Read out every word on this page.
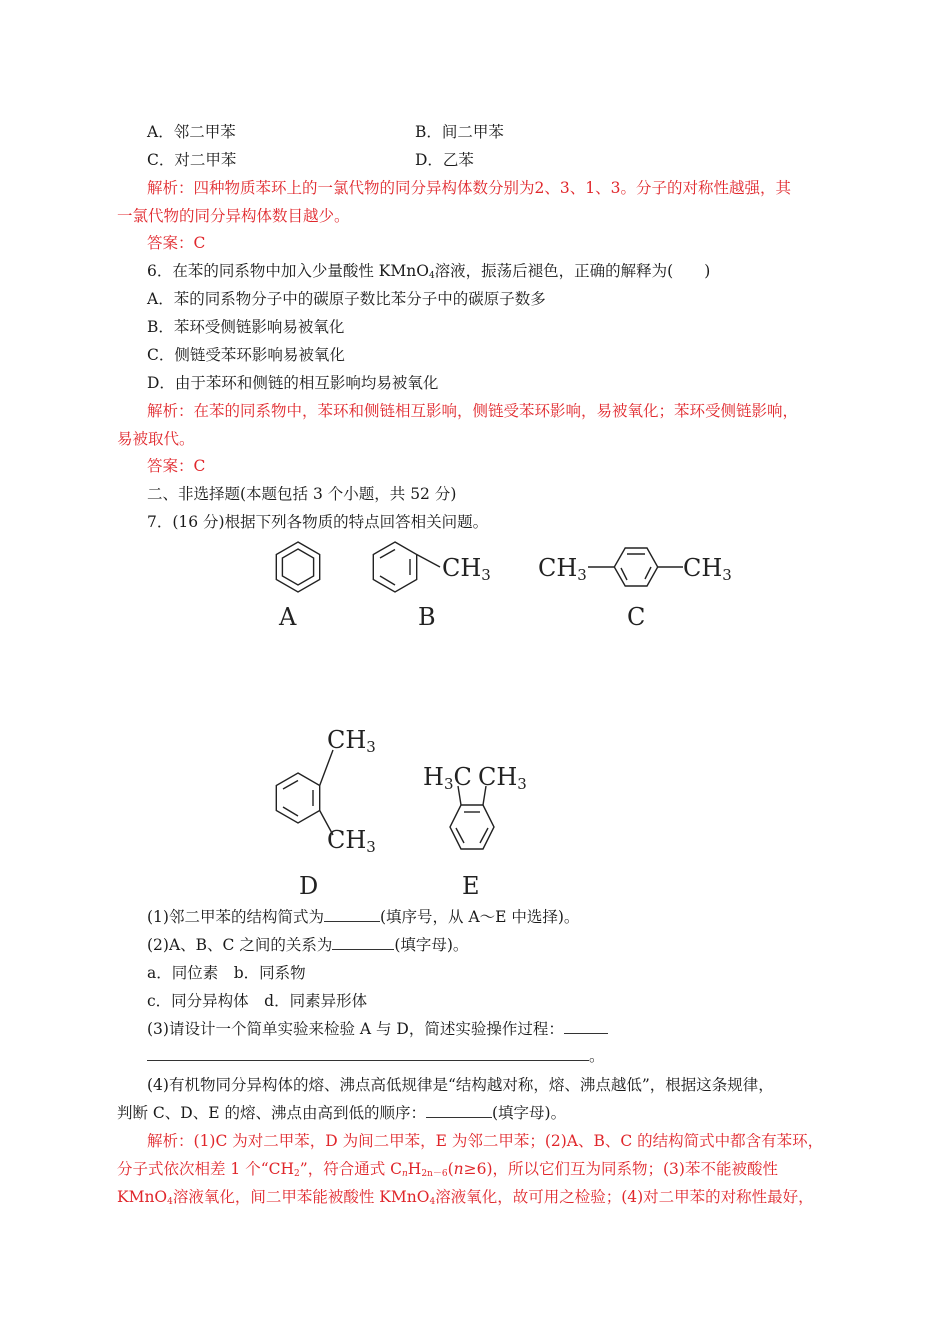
A．邻二甲苯	B．间二甲苯
C．对二甲苯	D．乙苯
解析：四种物质苯环上的一氯代物的同分异构体数分别为2、3、1、3。分子的对称性越强，其
一氯代物的同分异构体数目越少。
答案：C
6．在苯的同系物中加入少量酸性 KMnO$_4$溶液，振荡后褪色，正确的解释为(　　)
A．苯的同系物分子中的碳原子数比苯分子中的碳原子数多
B．苯环受侧链影响易被氧化
C．侧链受苯环影响易被氧化
D．由于苯环和侧链的相互影响均易被氧化
解析：在苯的同系物中，苯环和侧链相互影响，侧链受苯环影响，易被氧化；苯环受侧链影响，
易被取代。
答案：C
二、非选择题(本题包括 3 个小题，共 52 分)
7．(16 分)根据下列各物质的特点回答相关问题。
CH3 CH3	CH3
CH3
CH3
H3C CH3
A	B	C
D	E
(1)邻二甲苯的结构简式为	(填序号，从 A～E 中选择)。
(2)A、B、C 之间的关系为	(填字母)。
a．同位素　b．同系物
c．同分异构体　d．同素异形体
(3)请设计一个简单实验来检验 A 与 D，简述实验操作过程：
。
(4)有机物同分异构体的熔、沸点高低规律是“结构越对称，熔、沸点越低”，根据这条规律，
判断 C、D、E 的熔、沸点由高到低的顺序：	(填字母)。
解析：(1)C 为对二甲苯，D 为间二甲苯，E 为邻二甲苯；(2)A、B、C 的结构简式中都含有苯环，
分子式依次相差 1 个“$CH_2$”，符合通式 $C_nH_{2n-6}(n\ge 6)$，所以它们互为同系物；(3)苯不能被酸性
KMnO$_4$溶液氧化，间二甲苯能被酸性 KMnO$_4$溶液氧化，故可用之检验；(4)对二甲苯的对称性最好，
